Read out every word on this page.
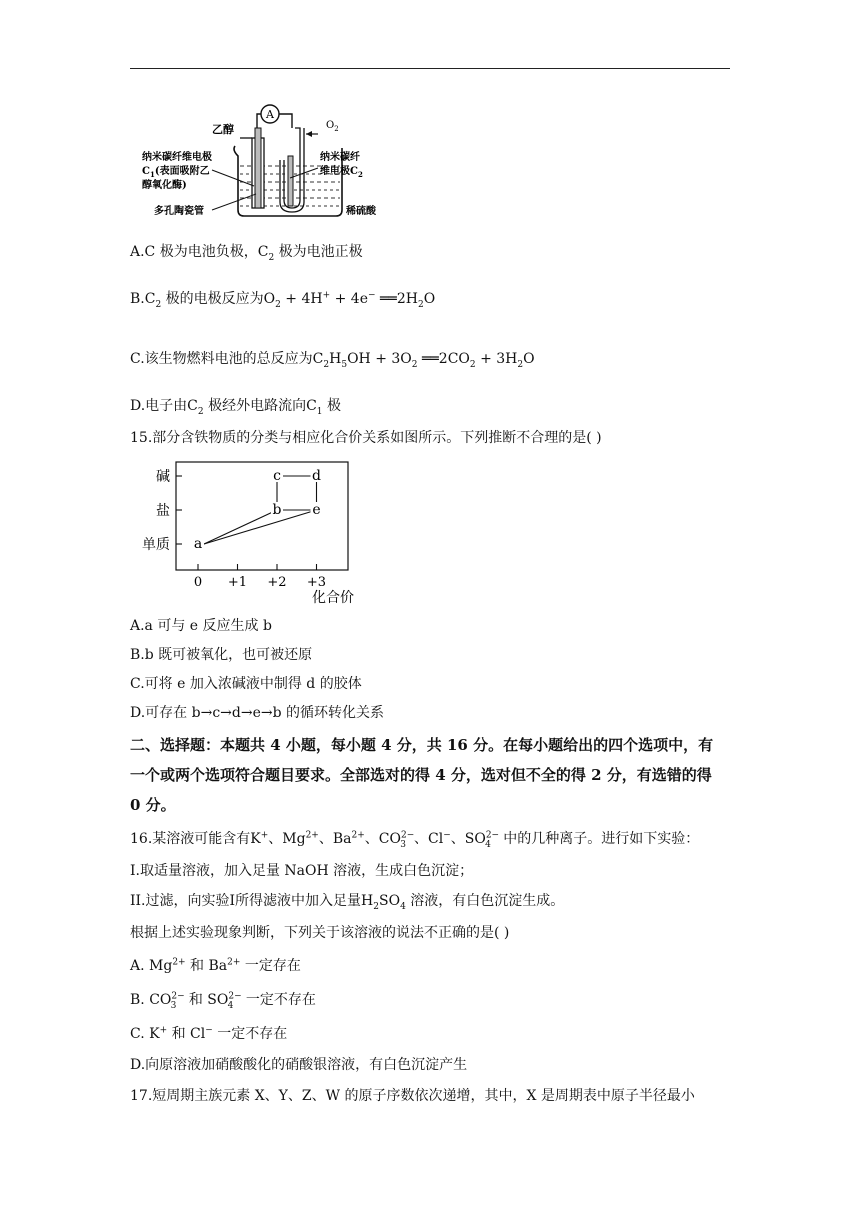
A
$O_2$
乙醇
纳米碳纤维电极
$C_1$(表面吸附乙
醇氧化酶)
多孔陶瓷管
纳米碳纤
维电极$C_2$
稀硫酸
A.C 极为电池负极，$C_2$ 极为电池正极
$B.C_2$ 极的电极反应为$O_2 + 4H^+ + 4e^-$ $══2H_2O$
C.该生物燃料电池的总反应为$C_2H_5OH + 3O_2$ $══2CO_2 + 3H_2O$
D.电子由$C_2$ 极经外电路流向$C_1$ 极
15.部分含铁物质的分类与相应化合价关系如图所示。下列推断不合理的是( )
单质
盐
碱
0 +1 +2 +3
a
b
c d
e
化合价
A.a 可与 e 反应生成 b
B.b 既可被氧化，也可被还原
C.可将 e 加入浓碱液中制得 d 的胶体
D.可存在 b→c→d→e→b 的循环转化关系
二、选择题：本题共 4 小题，每小题 4 分，共 16 分。在每小题给出的四个选项中，有
一个或两个选项符合题目要求。全部选对的得 4 分，选对但不全的得 2 分，有选错的得
0 分。
16.某溶液可能含有K+、$Mg^{2+}$、$Ba^{2+}$、$CO^{2-}_3$ 、Cl−、$SO^{2-}_4$ 中的几种离子。进行如下实验：
I.取适量溶液，加入足量 NaOH 溶液，生成白色沉淀；
II.过滤，向实验I所得滤液中加入足量$H_2SO_4$ 溶液，有白色沉淀生成。
根据上述实验现象判断，下列关于该溶液的说法不正确的是( )
A. $Mg^{2+}$ 和 $Ba^{2+}$ 一定存在
B. $CO^{2-}_3$ 和 $SO^{2-}_4$ 一定不存在
C. K+ 和 Cl− 一定不存在
D.向原溶液加硝酸酸化的硝酸银溶液，有白色沉淀产生
17.短周期主族元素 X、Y、Z、W 的原子序数依次递增，其中，X 是周期表中原子半径最小
